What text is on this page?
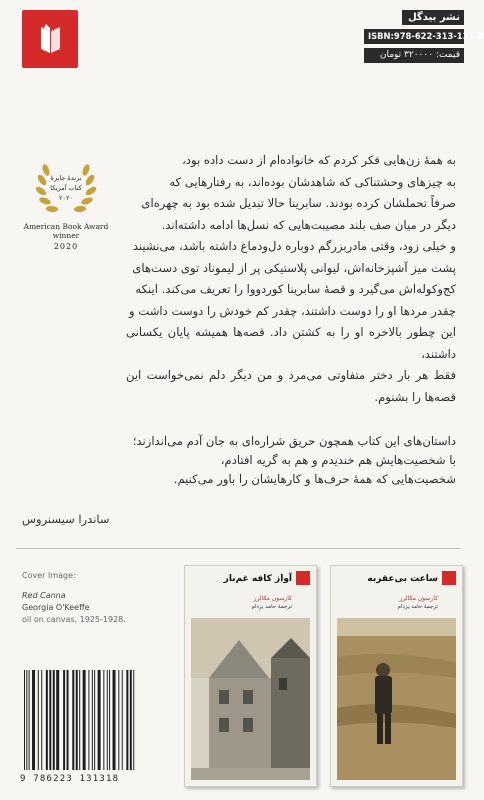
نشر بیدگل
ISBN:978-622-313-131-8
قیمت: ۳۲۰۰۰۰ تومان
برندۀ جایزۀ
کتاب آمریکا
۲۰۲۰
American Book Award
winner
2020

به همۀ زن‌هایی فکر کردم که خانواده‌ام از دست داده بود،

به چیزهای وحشتناکی که شاهدشان بوده‌اند، به رفتارهایی که

صرفاً تحملشان کرده بودند. سابرینا حالا تبدیل شده بود به چهره‌ای

دیگر در میان صف بلند مصیبت‌هایی که نسل‌ها ادامه داشته‌اند.

و خیلی زود، وقتی مادربزرگم دوباره دل‌ودماغ داشته باشد، می‌نشیند

پشت میز آشپزخانه‌اش، لیوانی پلاستیکی پر از لیموناد توی دست‌های

کج‌وکوله‌اش می‌گیرد و قصهٔ سابرینا کوردووا را تعریف می‌کند. اینکه

چقدر مردها او را دوست داشتند، چقدر کم خودش را دوست داشت و

این چطور بالاخره او را به کشتن داد. قصه‌ها همیشه پایان یکسانی داشتند،

فقط هر بار دختر متفاوتی می‌مرد و من دیگر دلم نمی‌خواست این قصه‌ها را بشنوم.

داستان‌های این کتاب همچون حریق شراره‌ای به جان آدم می‌اندازند؛

با شخصیت‌هایش هم خندیدم و هم به گریه افتادم،

شخصیت‌هایی که همۀ حرف‌ها و کارهایشان را باور می‌کنیم.

ساندرا سیسنروس
Cover Image:
Red Canna
Georgia O'Keeffe
oil on canvas, 1925-1928.
9 786223 131318
آواز کافه غم‌بار
کارسون مکالرز
ترجمهٔ حامد یزدام
ساعت بی‌عقربه
کارسون مکالرز
ترجمهٔ حامد یزدام
